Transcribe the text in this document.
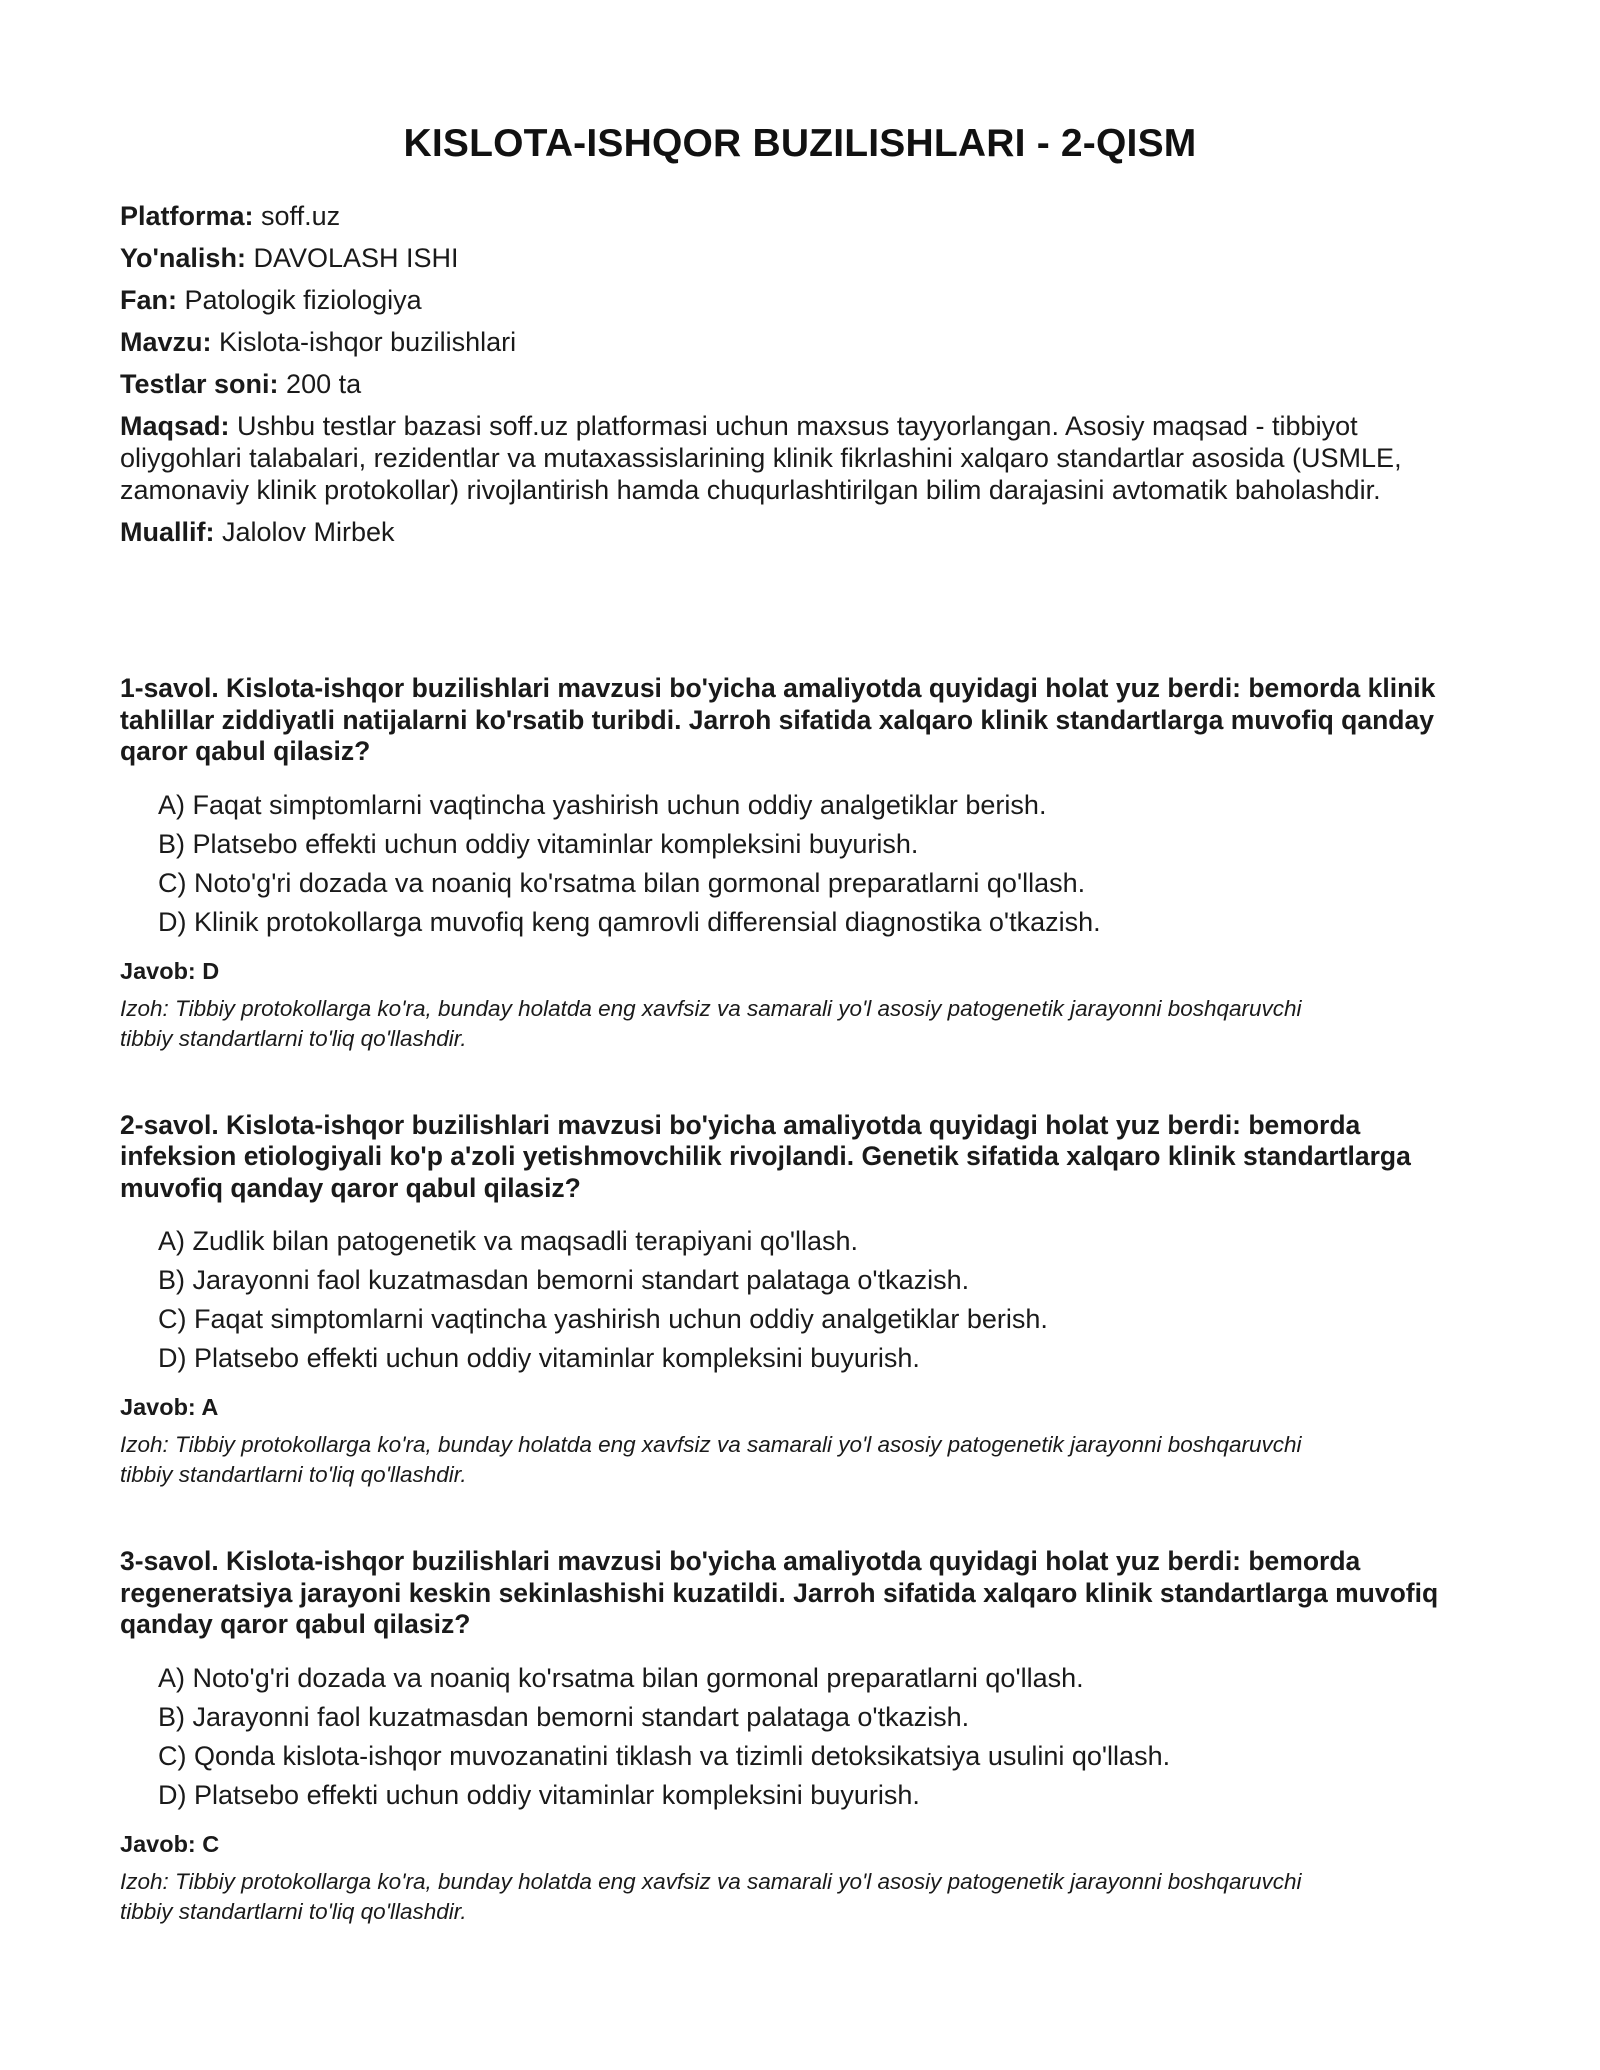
KISLOTA-ISHQOR BUZILISHLARI - 2-QISM

Platforma: soff.uz

Yo'nalish: DAVOLASH ISHI

Fan: Patologik fiziologiya

Mavzu: Kislota-ishqor buzilishlari

Testlar soni: 200 ta

Maqsad: Ushbu testlar bazasi soff.uz platformasi uchun maxsus tayyorlangan. Asosiy maqsad - tibbiyot oliygohlari talabalari, rezidentlar va mutaxassislarining klinik fikrlashini xalqaro standartlar asosida (USMLE, zamonaviy klinik protokollar) rivojlantirish hamda chuqurlashtirilgan bilim darajasini avtomatik baholashdir.

Muallif: Jalolov Mirbek

1-savol. Kislota-ishqor buzilishlari mavzusi bo'yicha amaliyotda quyidagi holat yuz berdi: bemorda klinik tahlillar ziddiyatli natijalarni ko'rsatib turibdi. Jarroh sifatida xalqaro klinik standartlarga muvofiq qanday qaror qabul qilasiz?

A) Faqat simptomlarni vaqtincha yashirish uchun oddiy analgetiklar berish.
B) Platsebo effekti uchun oddiy vitaminlar kompleksini buyurish.
C) Noto'g'ri dozada va noaniq ko'rsatma bilan gormonal preparatlarni qo'llash.
D) Klinik protokollarga muvofiq keng qamrovli differensial diagnostika o'tkazish.

Javob: D

Izoh: Tibbiy protokollarga ko'ra, bunday holatda eng xavfsiz va samarali yo'l asosiy patogenetik jarayonni boshqaruvchi tibbiy standartlarni to'liq qo'llashdir.

2-savol. Kislota-ishqor buzilishlari mavzusi bo'yicha amaliyotda quyidagi holat yuz berdi: bemorda infeksion etiologiyali ko'p a'zoli yetishmovchilik rivojlandi. Genetik sifatida xalqaro klinik standartlarga muvofiq qanday qaror qabul qilasiz?

A) Zudlik bilan patogenetik va maqsadli terapiyani qo'llash.
B) Jarayonni faol kuzatmasdan bemorni standart palataga o'tkazish.
C) Faqat simptomlarni vaqtincha yashirish uchun oddiy analgetiklar berish.
D) Platsebo effekti uchun oddiy vitaminlar kompleksini buyurish.

Javob: A

Izoh: Tibbiy protokollarga ko'ra, bunday holatda eng xavfsiz va samarali yo'l asosiy patogenetik jarayonni boshqaruvchi tibbiy standartlarni to'liq qo'llashdir.

3-savol. Kislota-ishqor buzilishlari mavzusi bo'yicha amaliyotda quyidagi holat yuz berdi: bemorda regeneratsiya jarayoni keskin sekinlashishi kuzatildi. Jarroh sifatida xalqaro klinik standartlarga muvofiq qanday qaror qabul qilasiz?

A) Noto'g'ri dozada va noaniq ko'rsatma bilan gormonal preparatlarni qo'llash.
B) Jarayonni faol kuzatmasdan bemorni standart palataga o'tkazish.
C) Qonda kislota-ishqor muvozanatini tiklash va tizimli detoksikatsiya usulini qo'llash.
D) Platsebo effekti uchun oddiy vitaminlar kompleksini buyurish.

Javob: C

Izoh: Tibbiy protokollarga ko'ra, bunday holatda eng xavfsiz va samarali yo'l asosiy patogenetik jarayonni boshqaruvchi tibbiy standartlarni to'liq qo'llashdir.
